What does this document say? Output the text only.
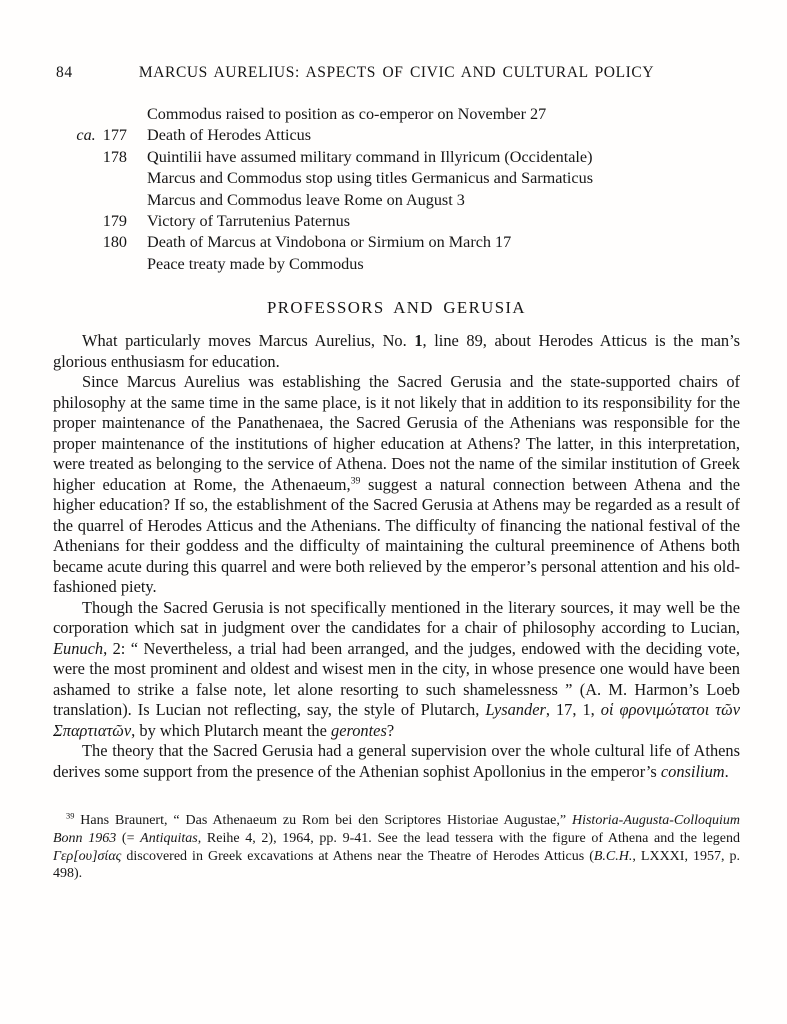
84	MARCUS AURELIUS: ASPECTS OF CIVIC AND CULTURAL POLICY
Commodus raised to position as co-emperor on November 27
ca. 177 Death of Herodes Atticus
178 Quintilii have assumed military command in Illyricum (Occidentale)
Marcus and Commodus stop using titles Germanicus and Sarmaticus
Marcus and Commodus leave Rome on August 3
179 Victory of Tarrutenius Paternus
180 Death of Marcus at Vindobona or Sirmium on March 17
Peace treaty made by Commodus
PROFESSORS AND GERUSIA

What particularly moves Marcus Aurelius, No. 1, line 89, about Herodes Atticus is the man’s glorious enthusiasm for education.

Since Marcus Aurelius was establishing the Sacred Gerusia and the state-supported chairs of philosophy at the same time in the same place, is it not likely that in addition to its responsibility for the proper maintenance of the Panathenaea, the Sacred Gerusia of the Athenians was responsible for the proper maintenance of the institutions of higher education at Athens? The latter, in this interpretation, were treated as belonging to the service of Athena. Does not the name of the similar institution of Greek higher education at Rome, the Athenaeum,$^{39}$ suggest a natural connection between Athena and the higher education? If so, the establishment of the Sacred Gerusia at Athens may be regarded as a result of the quarrel of Herodes Atticus and the Athenians. The difficulty of financing the national festival of the Athenians for their goddess and the difficulty of maintaining the cultural preeminence of Athens both became acute during this quarrel and were both relieved by the emperor’s personal attention and his old-fashioned piety.

Though the Sacred Gerusia is not specifically mentioned in the literary sources, it may well be the corporation which sat in judgment over the candidates for a chair of philosophy according to Lucian, Eunuch, 2: “ Nevertheless, a trial had been arranged, and the judges, endowed with the deciding vote, were the most prominent and oldest and wisest men in the city, in whose presence one would have been ashamed to strike a false note, let alone resorting to such shamelessness ” (A. M. Harmon’s Loeb translation). Is Lucian not reflecting, say, the style of Plutarch, Lysander, 17, 1, οἱ φρονιμώτατοι τῶν Σπαρτιατῶν, by which Plutarch meant the gerontes?

The theory that the Sacred Gerusia had a general supervision over the whole cultural life of Athens derives some support from the presence of the Athenian sophist Apollonius in the emperor’s consilium.

$^{39}$ Hans Braunert, “ Das Athenaeum zu Rom bei den Scriptores Historiae Augustae,” Historia-Augusta-Colloquium Bonn 1963 (= Antiquitas, Reihe 4, 2), 1964, pp. 9-41. See the lead tessera with the figure of Athena and the legend Γερ[ου]σίας discovered in Greek excavations at Athens near the Theatre of Herodes Atticus (B.C.H., LXXXI, 1957, p. 498).
